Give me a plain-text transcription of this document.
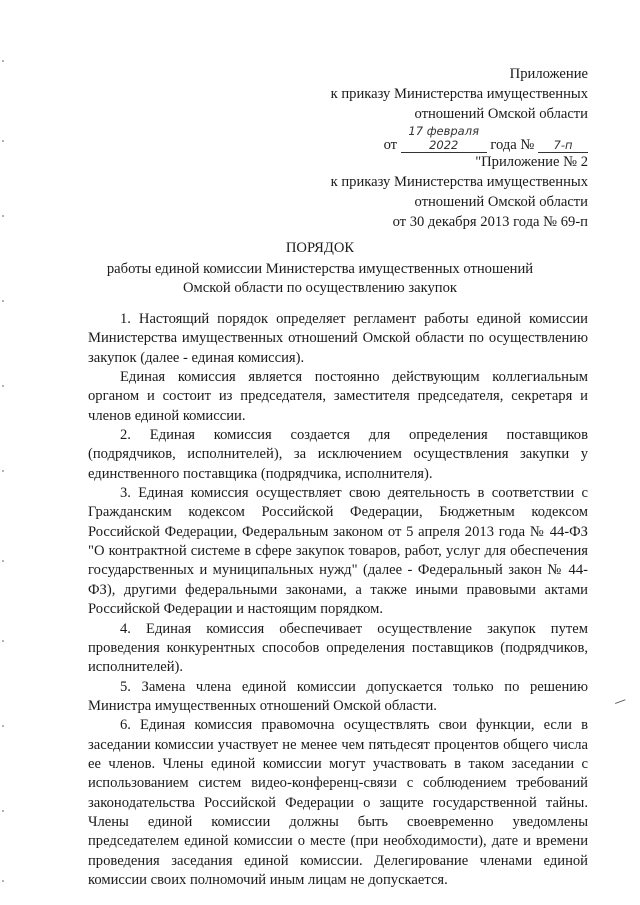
Приложение
к приказу Министерства имущественных
отношений Омской области
от 17 февраля 2022 года № 7-п
"Приложение № 2
к приказу Министерства имущественных
отношений Омской области
от 30 декабря 2013 года № 69-п
ПОРЯДОК
работы единой комиссии Министерства имущественных отношений
Омской области по осуществлению закупок

1. Настоящий порядок определяет регламент работы единой комиссии Министерства имущественных отношений Омской области по осуществлению закупок (далее - единая комиссия).

Единая комиссия является постоянно действующим коллегиальным органом и состоит из председателя, заместителя председателя, секретаря и членов единой комиссии.

2. Единая комиссия создается для определения поставщиков (подрядчиков, исполнителей), за исключением осуществления закупки у единственного поставщика (подрядчика, исполнителя).

3. Единая комиссия осуществляет свою деятельность в соответствии с Гражданским кодексом Российской Федерации, Бюджетным кодексом Российской Федерации, Федеральным законом от 5 апреля 2013 года № 44-ФЗ "О контрактной системе в сфере закупок товаров, работ, услуг для обеспечения государственных и муниципальных нужд" (далее - Федеральный закон № 44-ФЗ), другими федеральными законами, а также иными правовыми актами Российской Федерации и настоящим порядком.

4. Единая комиссия обеспечивает осуществление закупок путем проведения конкурентных способов определения поставщиков (подрядчиков, исполнителей).

5. Замена члена единой комиссии допускается только по решению Министра имущественных отношений Омской области.

6. Единая комиссия правомочна осуществлять свои функции, если в заседании комиссии участвует не менее чем пятьдесят процентов общего числа ее членов. Члены единой комиссии могут участвовать в таком заседании с использованием систем видео-конференц-связи с соблюдением требований законодательства Российской Федерации о защите государственной тайны. Члены единой комиссии должны быть своевременно уведомлены председателем единой комиссии о месте (при необходимости), дате и времени проведения заседания единой комиссии. Делегирование членами единой комиссии своих полномочий иным лицам не допускается.

—
